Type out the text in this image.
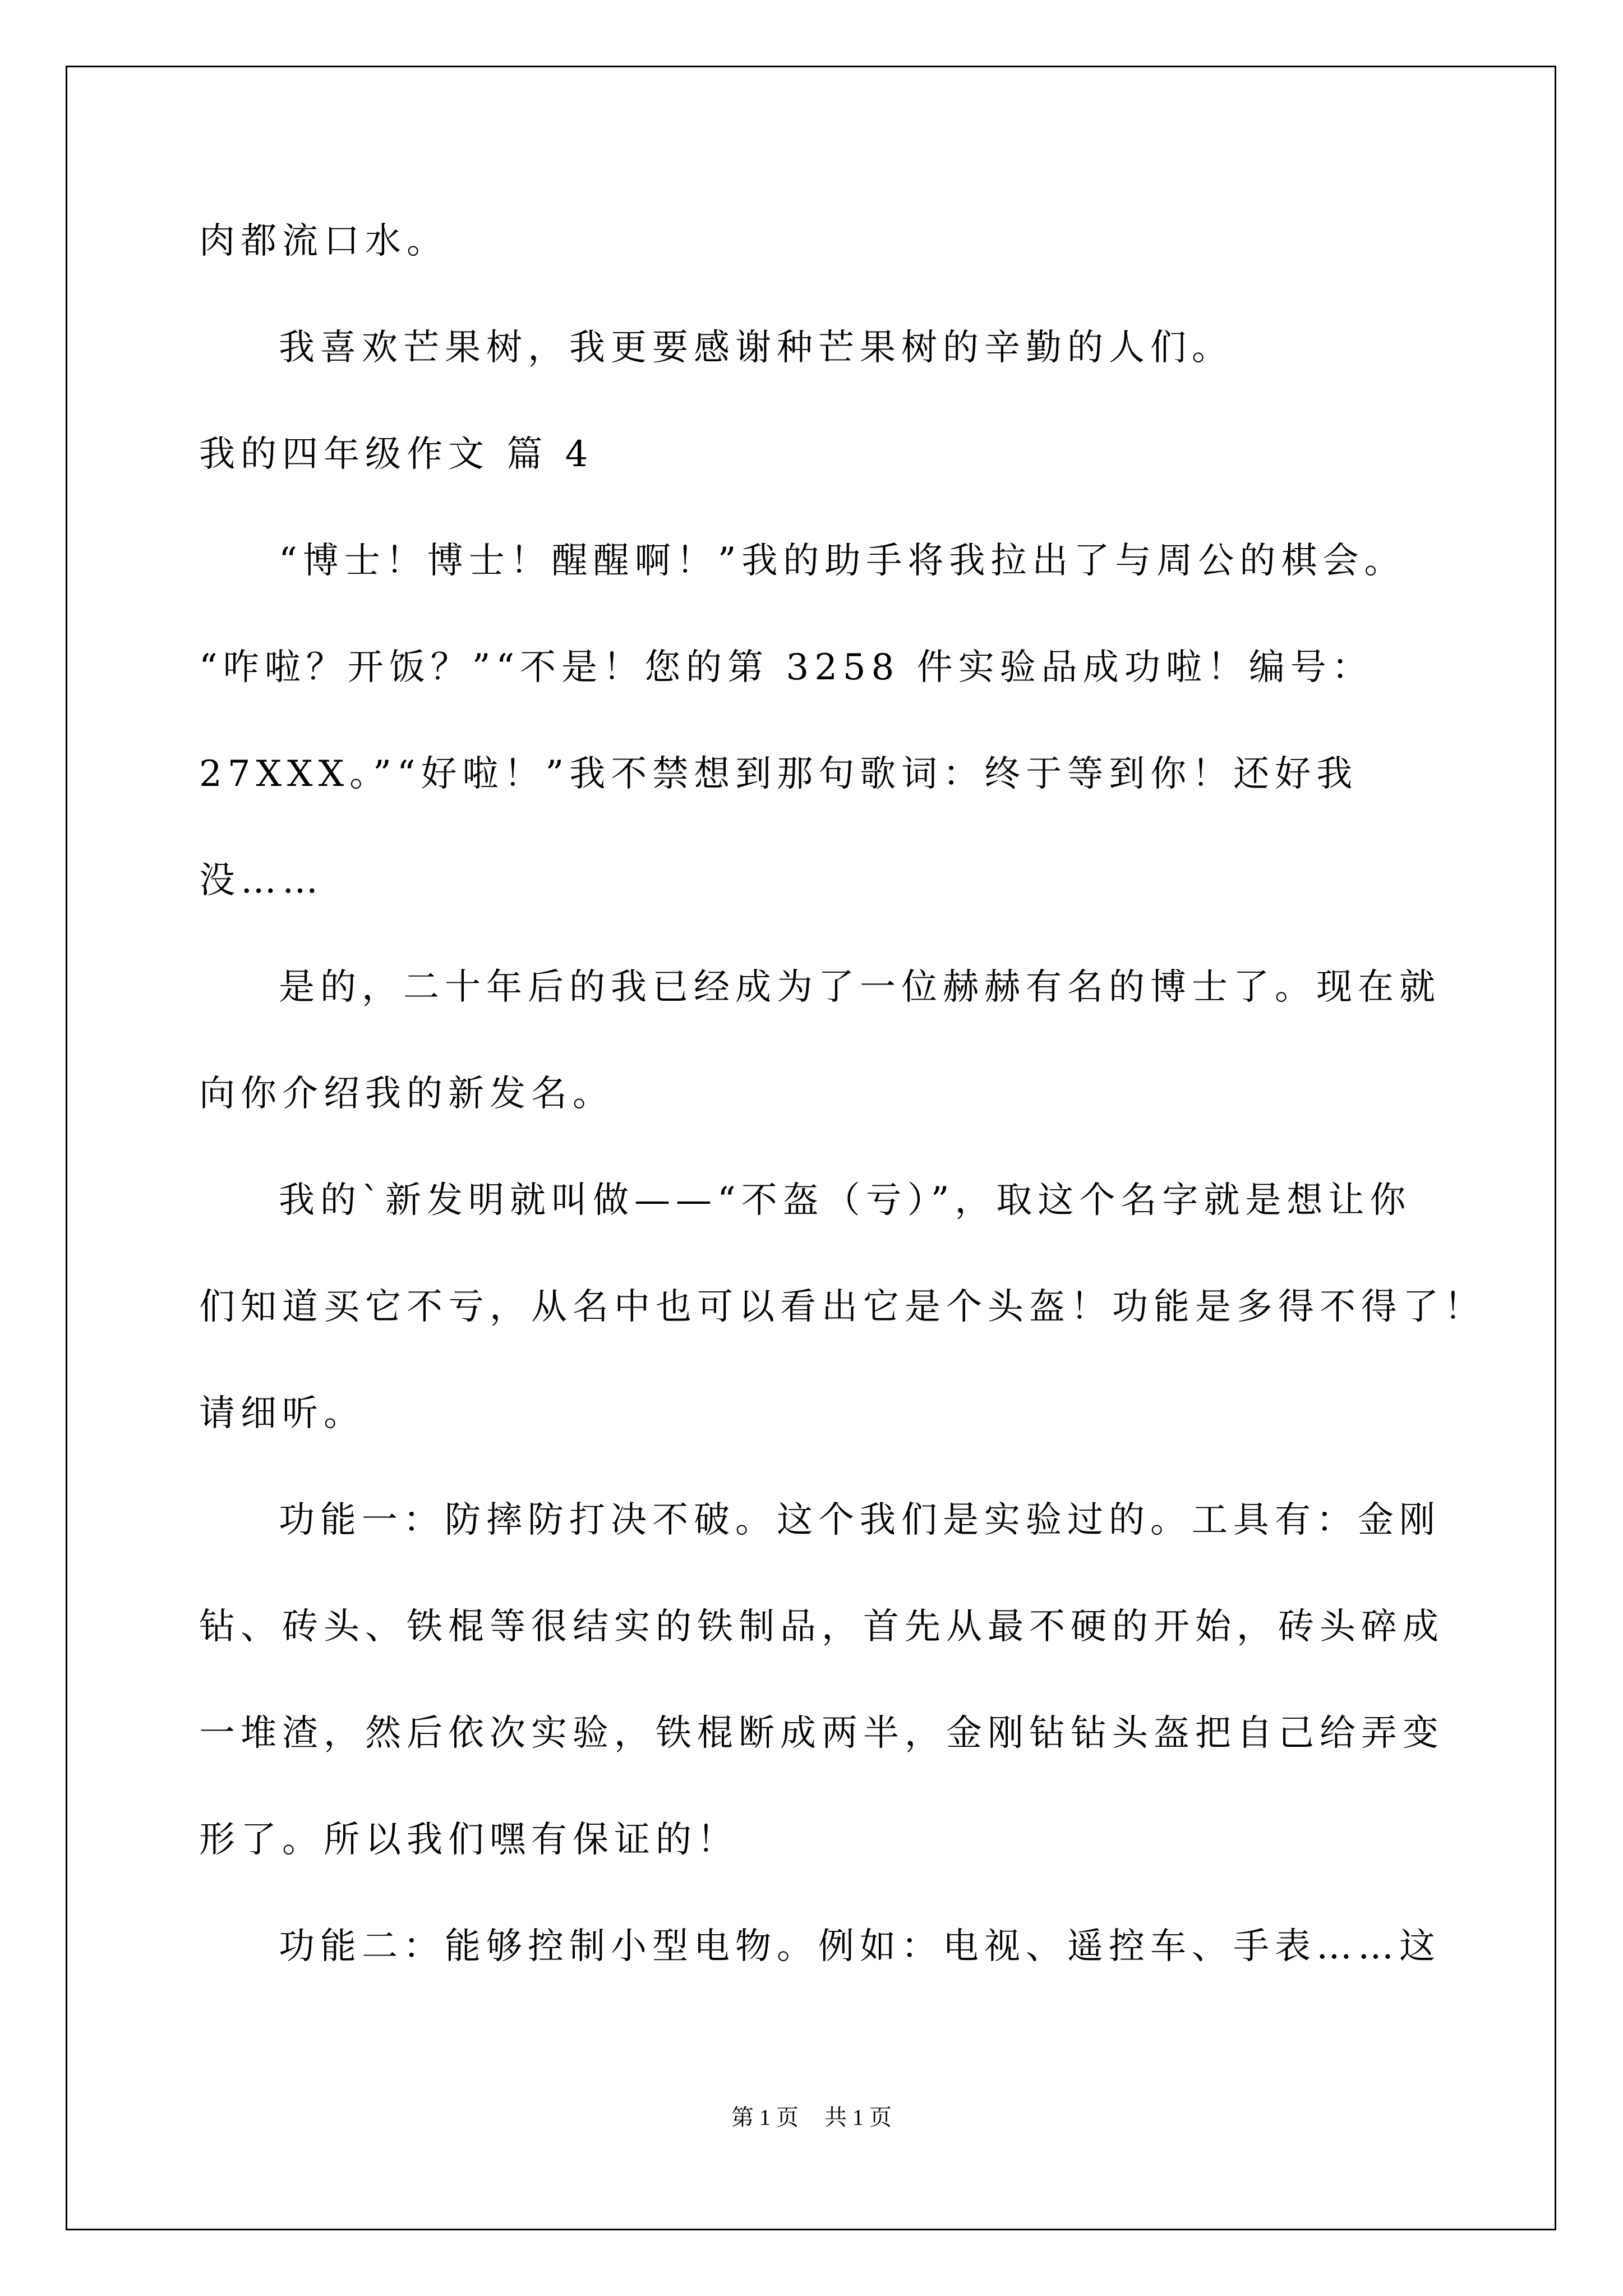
肉都流口水。
我喜欢芒果树，我更要感谢种芒果树的辛勤的人们。
我的四年级作文 篇 4
“博士！博士！醒醒啊！”我的助手将我拉出了与周公的棋会。
“咋啦？开饭？”“不是！您的第 3258 件实验品成功啦！编号：
27XXX。”“好啦！”我不禁想到那句歌词：终于等到你！还好我
没……
是的，二十年后的我已经成为了一位赫赫有名的博士了。现在就
向你介绍我的新发名。
我的`新发明就叫做——“不盔（亏）”，取这个名字就是想让你
们知道买它不亏，从名中也可以看出它是个头盔！功能是多得不得了！
请细听。
功能一：防摔防打决不破。这个我们是实验过的。工具有：金刚
钻、砖头、铁棍等很结实的铁制品，首先从最不硬的开始，砖头碎成
一堆渣，然后依次实验，铁棍断成两半，金刚钻钻头盔把自己给弄变
形了。所以我们嘿有保证的！
功能二：能够控制小型电物。例如：电视、遥控车、手表……这
第 1 页 共 1 页
